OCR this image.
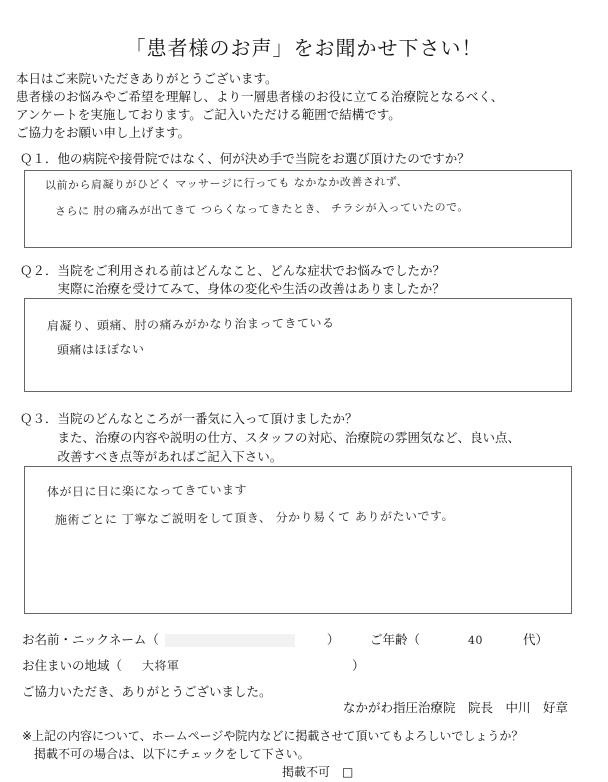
「患者様のお声」をお聞かせ下さい！
本日はご来院いただきありがとうございます。
患者様のお悩みやご希望を理解し、より一層患者様のお役に立てる治療院となるべく、
アンケートを実施しております。ご記入いただける範囲で結構です。
ご協力をお願い申し上げます。
Ｑ１．他の病院や接骨院ではなく、何が決め手で当院をお選び頂けたのですか？
以前から肩凝りがひどく マッサージに行っても なかなか改善されず、
さらに 肘の痛みが出てきて つらくなってきたとき、 チラシが入っていたので。
Ｑ２．当院をご利用される前はどんなこと、どんな症状でお悩みでしたか？
　　　実際に治療を受けてみて、身体の変化や生活の改善はありましたか？
肩凝り、頭痛、肘の痛みがかなり治まってきている
頭痛はほぼない
Ｑ３．当院のどんなところが一番気に入って頂けましたか？
　　　また、治療の内容や説明の仕方、スタッフの対応、治療院の雰囲気など、良い点、
　　　改善すべき点等があればご記入下さい。
体が日に日に楽になってきています
施術ごとに 丁寧なご説明をして頂き、 分かり易くて ありがたいです。
お名前・ニックネーム（	） ご年齢（	40	代）
お住まいの地域（ 大将軍	）
ご協力いただき、ありがとうございました。
なかがわ指圧治療院　院長　中川　好章
※上記の内容について、ホームページや院内などに掲載させて頂いてもよろしいでしょうか？
　掲載不可の場合は、以下にチェックをして下さい。
掲載不可　□
